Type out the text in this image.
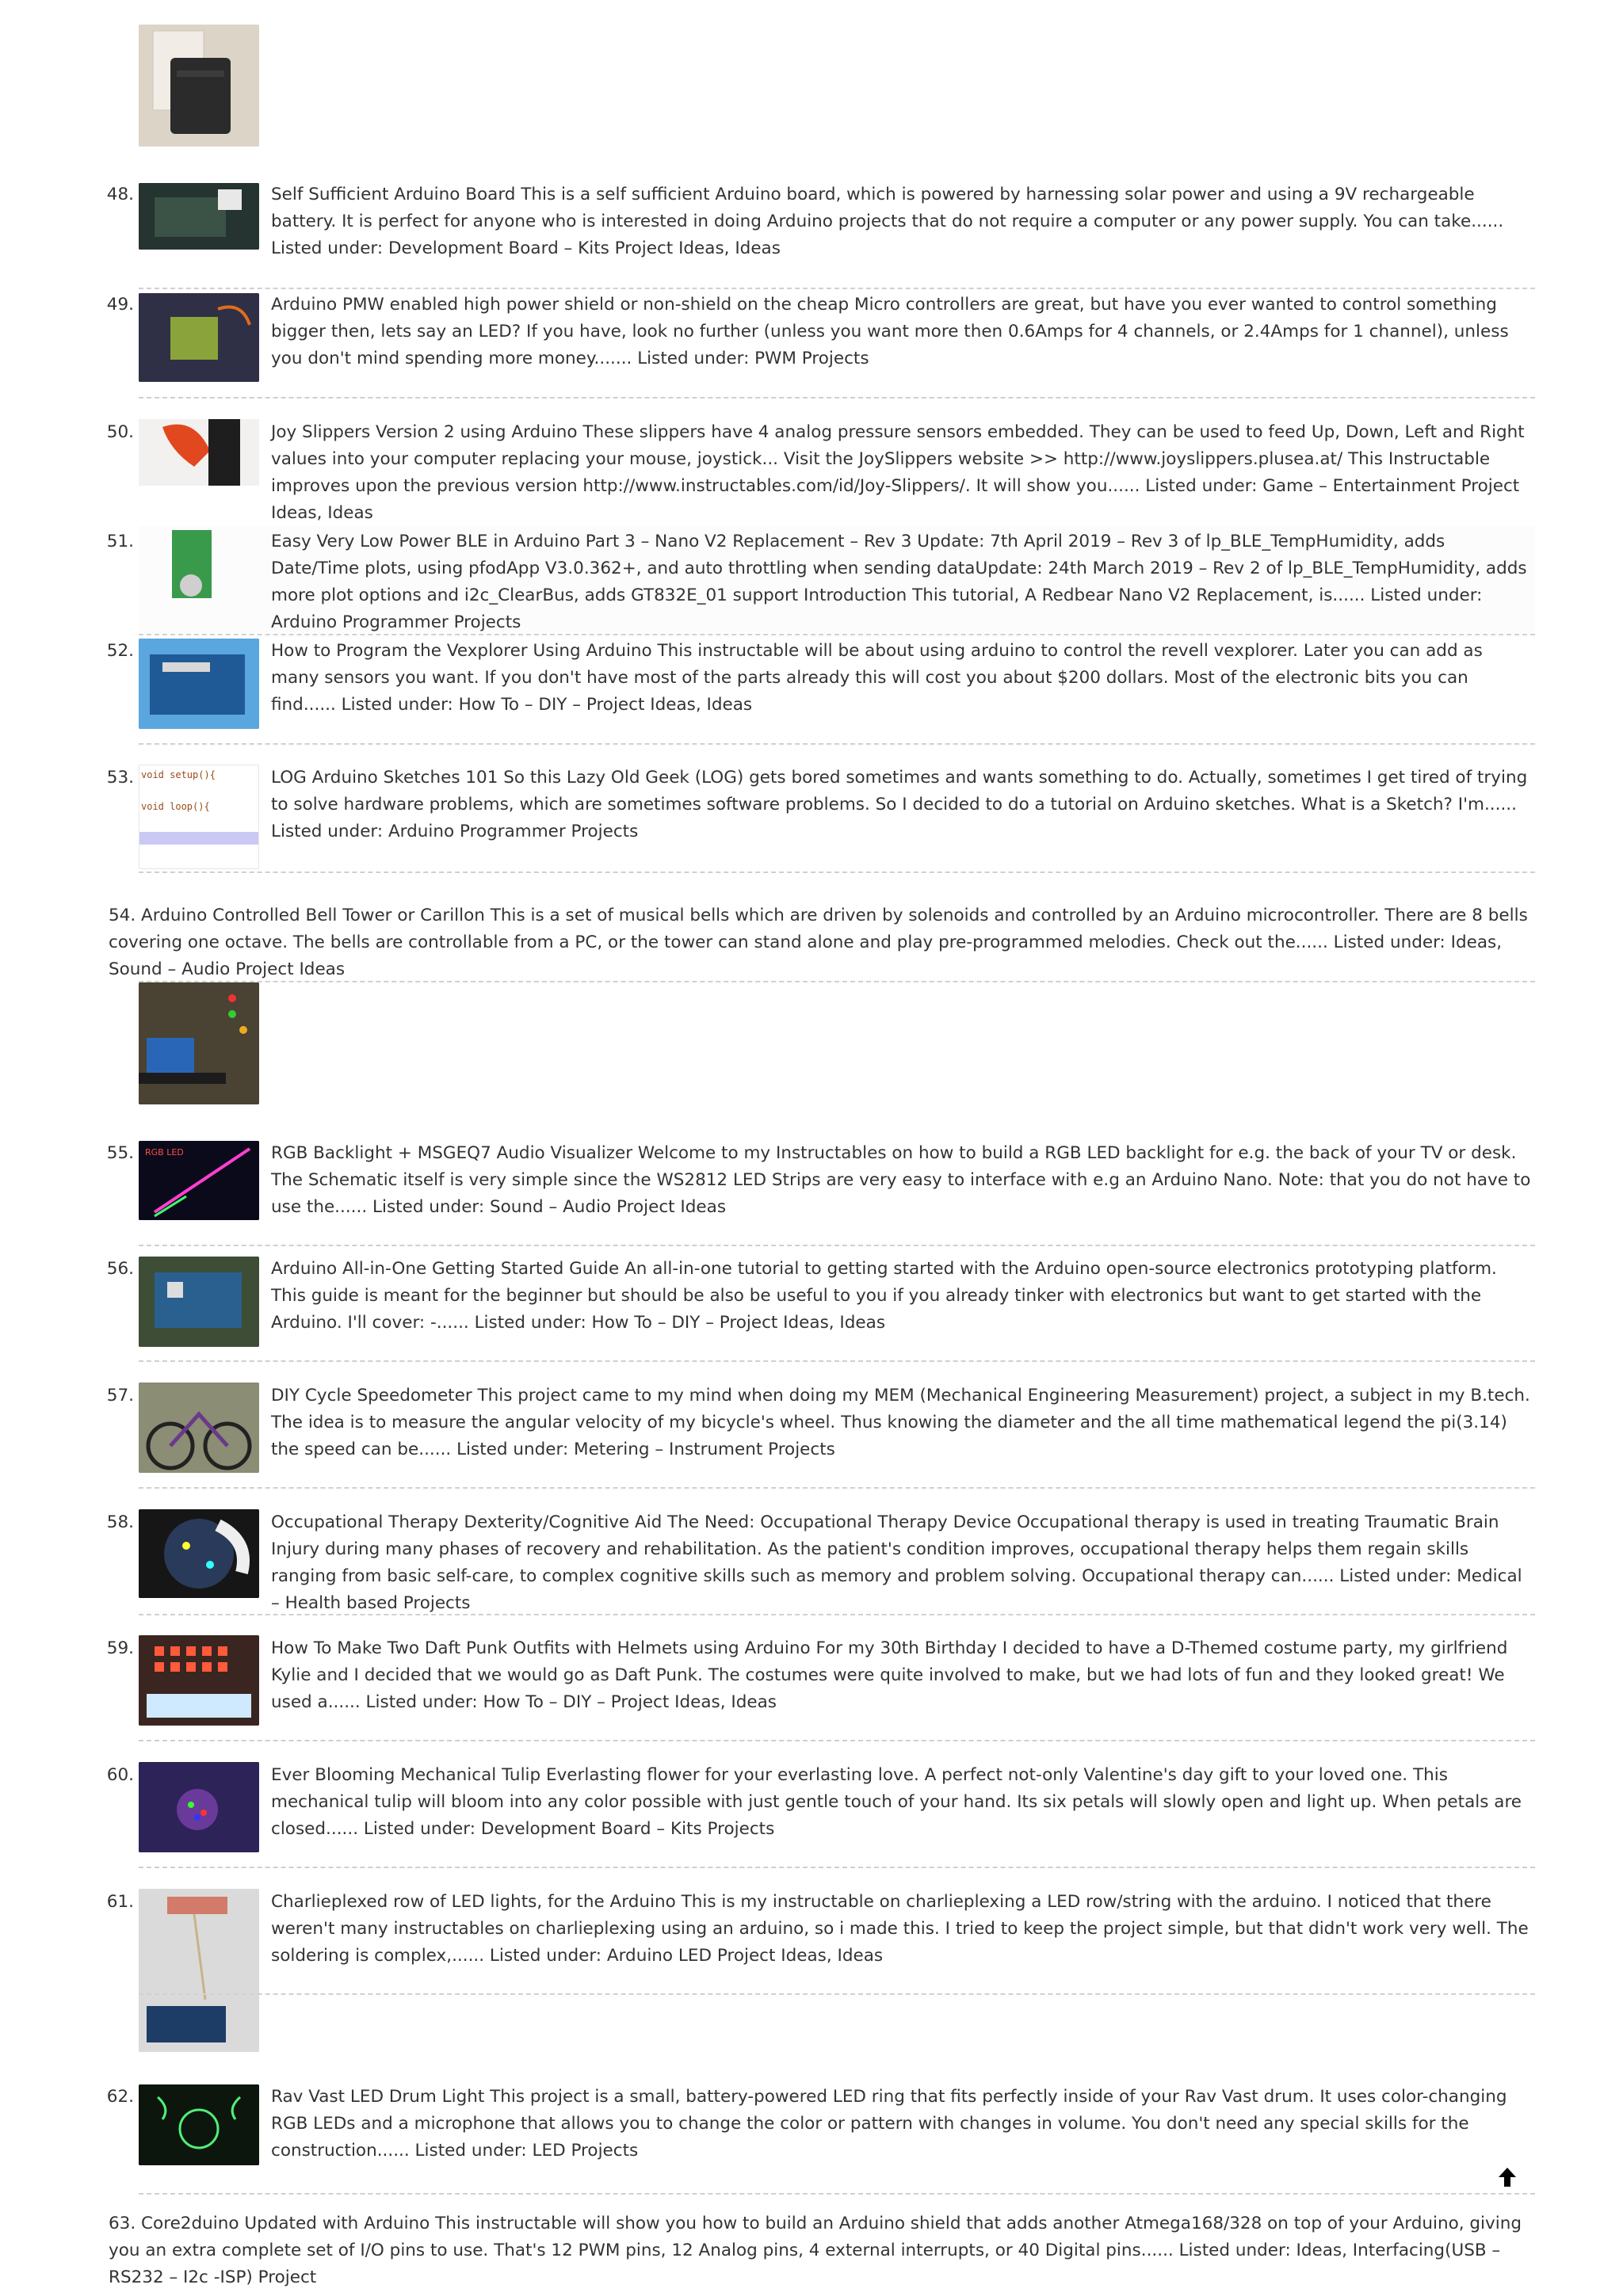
48.	Self Sufficient Arduino Board This is a self sufficient Arduino board, which is powered by harnessing solar power and using a 9V rechargeable battery. It is perfect for anyone who is interested in doing Arduino projects that do not require a computer or any power supply. You can take...... Listed under: Development Board – Kits Project Ideas, Ideas
49.	Arduino PMW enabled high power shield or non-shield on the cheap Micro controllers are great, but have you ever wanted to control something bigger then, lets say an LED? If you have, look no further (unless you want more then 0.6Amps for 4 channels, or 2.4Amps for 1 channel), unless you don't mind spending more money....... Listed under: PWM Projects
50.	Joy Slippers Version 2 using Arduino These slippers have 4 analog pressure sensors embedded. They can be used to feed Up, Down, Left and Right values into your computer replacing your mouse, joystick... Visit the JoySlippers website >> http://www.joyslippers.plusea.at/ This Instructable improves upon the previous version http://www.instructables.com/id/Joy-Slippers/. It will show you...... Listed under: Game – Entertainment Project Ideas, Ideas
51.	Easy Very Low Power BLE in Arduino Part 3 – Nano V2 Replacement – Rev 3 Update: 7th April 2019 – Rev 3 of lp_BLE_TempHumidity, adds Date/Time plots, using pfodApp V3.0.362+, and auto throttling when sending dataUpdate: 24th March 2019 – Rev 2 of lp_BLE_TempHumidity, adds more plot options and i2c_ClearBus, adds GT832E_01 support Introduction This tutorial, A Redbear Nano V2 Replacement, is...... Listed under: Arduino Programmer Projects
52.	How to Program the Vexplorer Using Arduino This instructable will be about using arduino to control the revell vexplorer. Later you can add as many sensors you want. If you don't have most of the parts already this will cost you about $200 dollars. Most of the electronic bits you can find...... Listed under: How To – DIY – Project Ideas, Ideas
53. void setup(){
void loop(){
LOG Arduino Sketches 101 So this Lazy Old Geek (LOG) gets bored sometimes and wants something to do. Actually, sometimes I get tired of trying to solve hardware problems, which are sometimes software problems. So I decided to do a tutorial on Arduino sketches. What is a Sketch? I'm...... Listed under: Arduino Programmer Projects
54. Arduino Controlled Bell Tower or Carillon This is a set of musical bells which are driven by solenoids and controlled by an Arduino microcontroller. There are 8 bells covering one octave. The bells are controllable from a PC, or the tower can stand alone and play pre-programmed melodies. Check out the...... Listed under: Ideas, Sound – Audio Project Ideas
55. RGB LED	RGB Backlight + MSGEQ7 Audio Visualizer Welcome to my Instructables on how to build a RGB LED backlight for e.g. the back of your TV or desk. The Schematic itself is very simple since the WS2812 LED Strips are very easy to interface with e.g an Arduino Nano. Note: that you do not have to use the...... Listed under: Sound – Audio Project Ideas
56.	Arduino All-in-One Getting Started Guide An all-in-one tutorial to getting started with the Arduino open-source electronics prototyping platform. This guide is meant for the beginner but should be also be useful to you if you already tinker with electronics but want to get started with the Arduino. I'll cover: -...... Listed under: How To – DIY – Project Ideas, Ideas
57.	DIY Cycle Speedometer This project came to my mind when doing my MEM (Mechanical Engineering Measurement) project, a subject in my B.tech. The idea is to measure the angular velocity of my bicycle's wheel. Thus knowing the diameter and the all time mathematical legend the pi(3.14) the speed can be...... Listed under: Metering – Instrument Projects
58.	Occupational Therapy Dexterity/Cognitive Aid The Need: Occupational Therapy Device Occupational therapy is used in treating Traumatic Brain Injury during many phases of recovery and rehabilitation. As the patient's condition improves, occupational therapy helps them regain skills ranging from basic self-care, to complex cognitive skills such as memory and problem solving. Occupational therapy can...... Listed under: Medical – Health based Projects
59.	How To Make Two Daft Punk Outfits with Helmets using Arduino For my 30th Birthday I decided to have a D-Themed costume party, my girlfriend Kylie and I decided that we would go as Daft Punk. The costumes were quite involved to make, but we had lots of fun and they looked great! We used a...... Listed under: How To – DIY – Project Ideas, Ideas
60.	Ever Blooming Mechanical Tulip Everlasting flower for your everlasting love. A perfect not-only Valentine's day gift to your loved one. This mechanical tulip will bloom into any color possible with just gentle touch of your hand. Its six petals will slowly open and light up. When petals are closed...... Listed under: Development Board – Kits Projects
61.	Charlieplexed row of LED lights, for the Arduino This is my instructable on charlieplexing a LED row/string with the arduino. I noticed that there weren't many instructables on charlieplexing using an arduino, so i made this. I tried to keep the project simple, but that didn't work very well. The soldering is complex,...... Listed under: Arduino LED Project Ideas, Ideas
62.	Rav Vast LED Drum Light This project is a small, battery-powered LED ring that fits perfectly inside of your Rav Vast drum. It uses color-changing RGB LEDs and a microphone that allows you to change the color or pattern with changes in volume. You don't need any special skills for the construction...... Listed under: LED Projects
63. Core2duino Updated with Arduino This instructable will show you how to build an Arduino shield that adds another Atmega168/328 on top of your Arduino, giving you an extra complete set of I/O pins to use. That's 12 PWM pins, 12 Analog pins, 4 external interrupts, or 40 Digital pins...... Listed under: Ideas, Interfacing(USB – RS232 – I2c -ISP) Project
